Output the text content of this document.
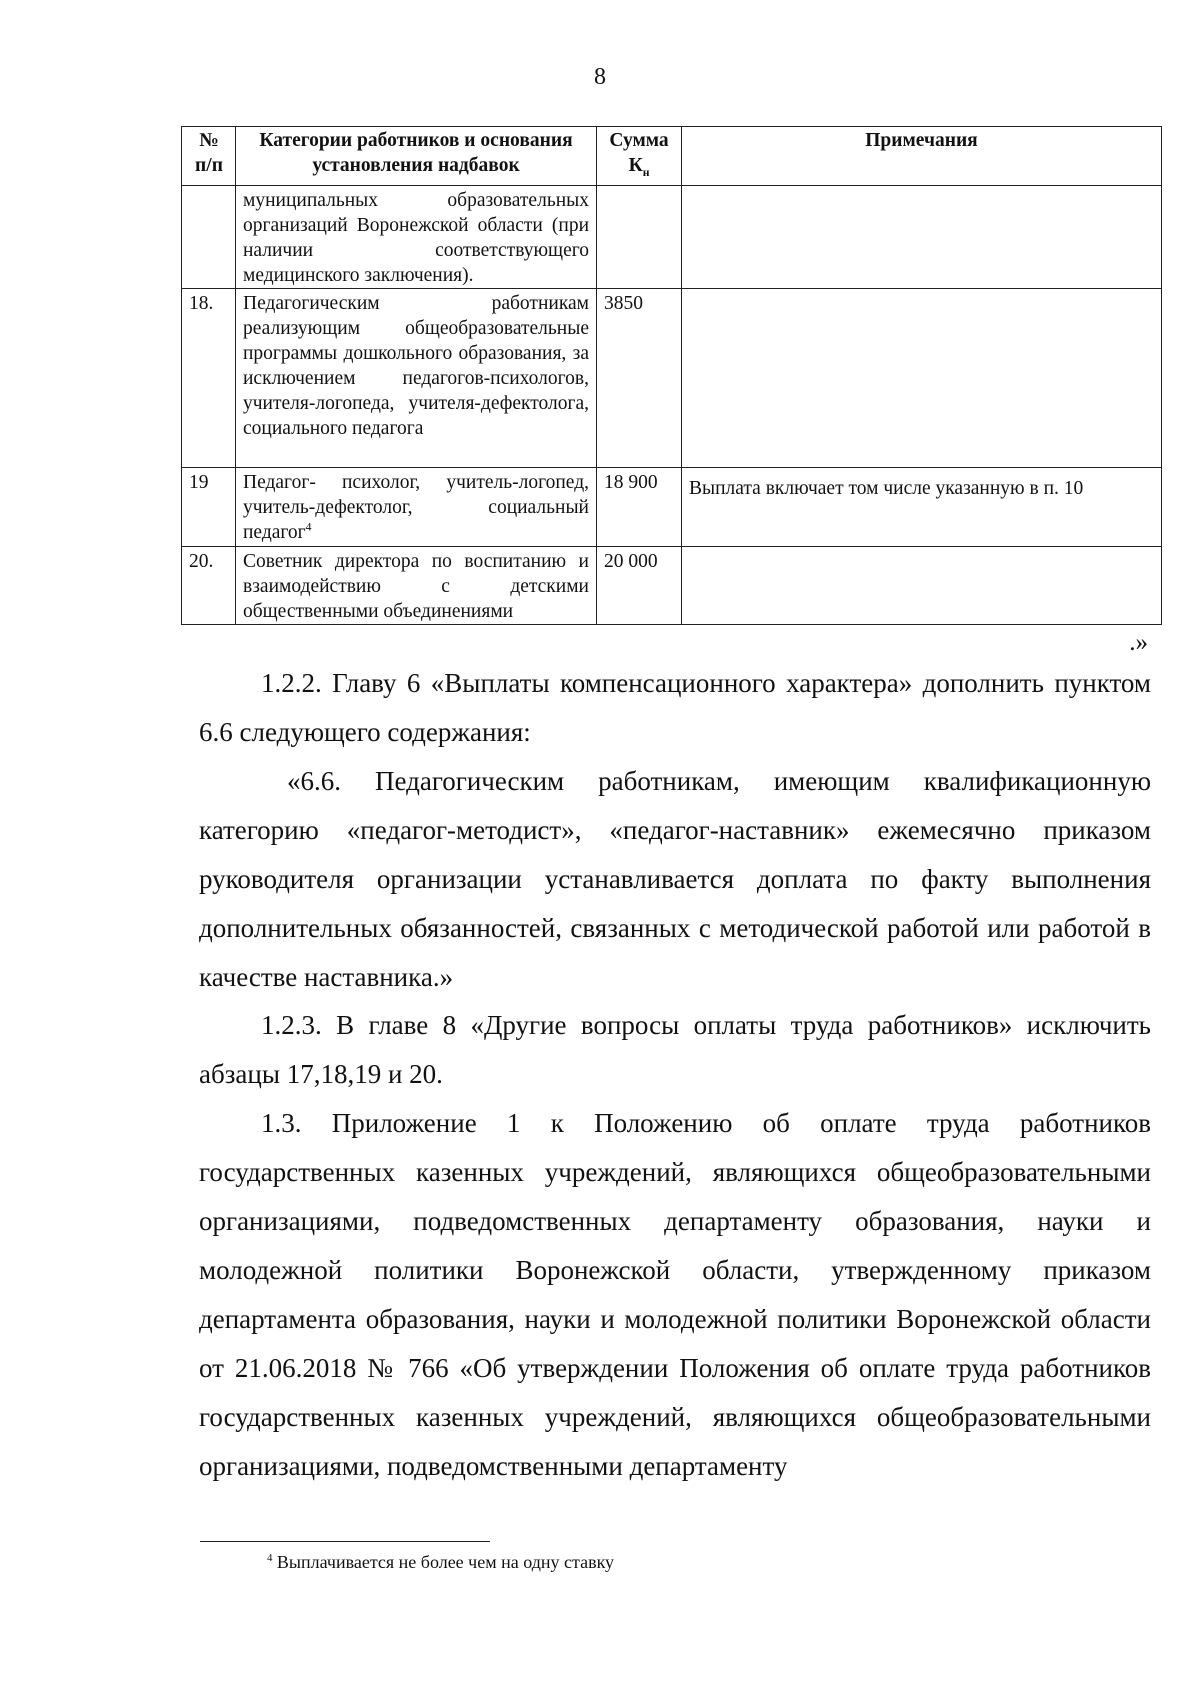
8
№ п/п	Категории работников и основания установления надбавок	Сумма $К_н$	Примечания
	муниципальных образовательных организаций Воронежской области (при наличии соответствующего медицинского заключения).		
18.	Педагогическим работникам реализующим общеобразовательные программы дошкольного образования, за исключением педагогов-психологов, учителя-логопеда, учителя-дефектолога, социального педагога	3850	
19	Педагог- психолог, учитель-логопед, учитель-дефектолог, социальный педагог$^4$	18 900	Выплата включает том числе указанную в п. 10
20.	Советник директора по воспитанию и взаимодействию с детскими общественными объединениями	20 000	
.»

1.2.2. Главу 6 «Выплаты компенсационного характера» дополнить пунктом 6.6 следующего содержания:

«6.6. Педагогическим работникам, имеющим квалификационную категорию «педагог-методист», «педагог-наставник» ежемесячно приказом руководителя организации устанавливается доплата по факту выполнения дополнительных обязанностей, связанных с методической работой или работой в качестве наставника.»

1.2.3. В главе 8 «Другие вопросы оплаты труда работников» исключить абзацы 17,18,19 и 20.

1.3. Приложение 1 к Положению об оплате труда работников государственных казенных учреждений, являющихся общеобразовательными организациями, подведомственных департаменту образования, науки и молодежной политики Воронежской области, утвержденному приказом департамента образования, науки и молодежной политики Воронежской области от 21.06.2018 № 766 «Об утверждении Положения об оплате труда работников государственных казенных учреждений, являющихся общеобразовательными организациями, подведомственными департаменту

$^4$ Выплачивается не более чем на одну ставку
